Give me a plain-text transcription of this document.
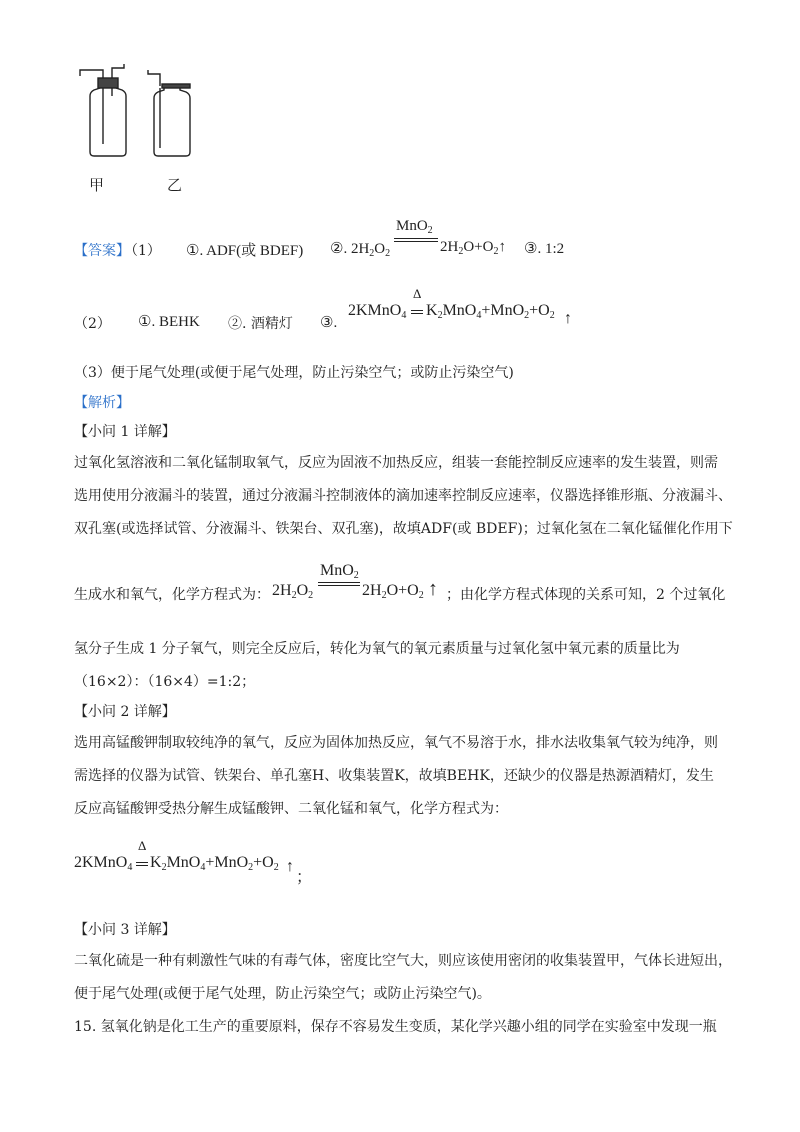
甲	乙
【答案】
（1） ①. ADF(或 BDEF) ②. $2H_2O_2$
MnO$_2$
$2H_2O+O_2↑$ ③. 1:2
（2） ①. BEHK ②. 酒精灯 ③.
2KMnO$_4$
Δ
$K_2MnO_4+MnO_2+O_2$ ↑
（3）便于尾气处理(或便于尾气处理，防止污染空气；或防止污染空气)
【解析】
【小问 1 详解】
过氧化氢溶液和二氧化锰制取氧气，反应为固液不加热反应，组装一套能控制反应速率的发生装置，则需
选用使用分液漏斗的装置，通过分液漏斗控制液体的滴加速率控制反应速率，仪器选择锥形瓶、分液漏斗、
双孔塞(或选择试管、分液漏斗、铁架台、双孔塞)，故填ADF(或 BDEF)；过氧化氢在二氧化锰催化作用下
生成水和氧气，化学方程式为： $2H_2O_2$
MnO$_2$
$2H_2O+O_2$ ↑ ；由化学方程式体现的关系可知，2 个过氧化
氢分子生成 1 分子氧气，则完全反应后，转化为氧气的氧元素质量与过氧化氢中氧元素的质量比为
（16×2）：（16×4）=1:2；
【小问 2 详解】
选用高锰酸钾制取较纯净的氧气，反应为固体加热反应，氧气不易溶于水，排水法收集氧气较为纯净，则
需选择的仪器为试管、铁架台、单孔塞H、收集装置K，故填BEHK，还缺少的仪器是热源酒精灯，发生
反应高锰酸钾受热分解生成锰酸钾、二氧化锰和氧气，化学方程式为：
2KMnO$_4$
Δ
$K_2MnO_4+MnO_2+O_2$ ↑
；
【小问 3 详解】
二氧化硫是一种有刺激性气味的有毒气体，密度比空气大，则应该使用密闭的收集装置甲，气体长进短出，
便于尾气处理(或便于尾气处理，防止污染空气；或防止污染空气)。
15. 氢氧化钠是化工生产的重要原料，保存不容易发生变质，某化学兴趣小组的同学在实验室中发现一瓶
